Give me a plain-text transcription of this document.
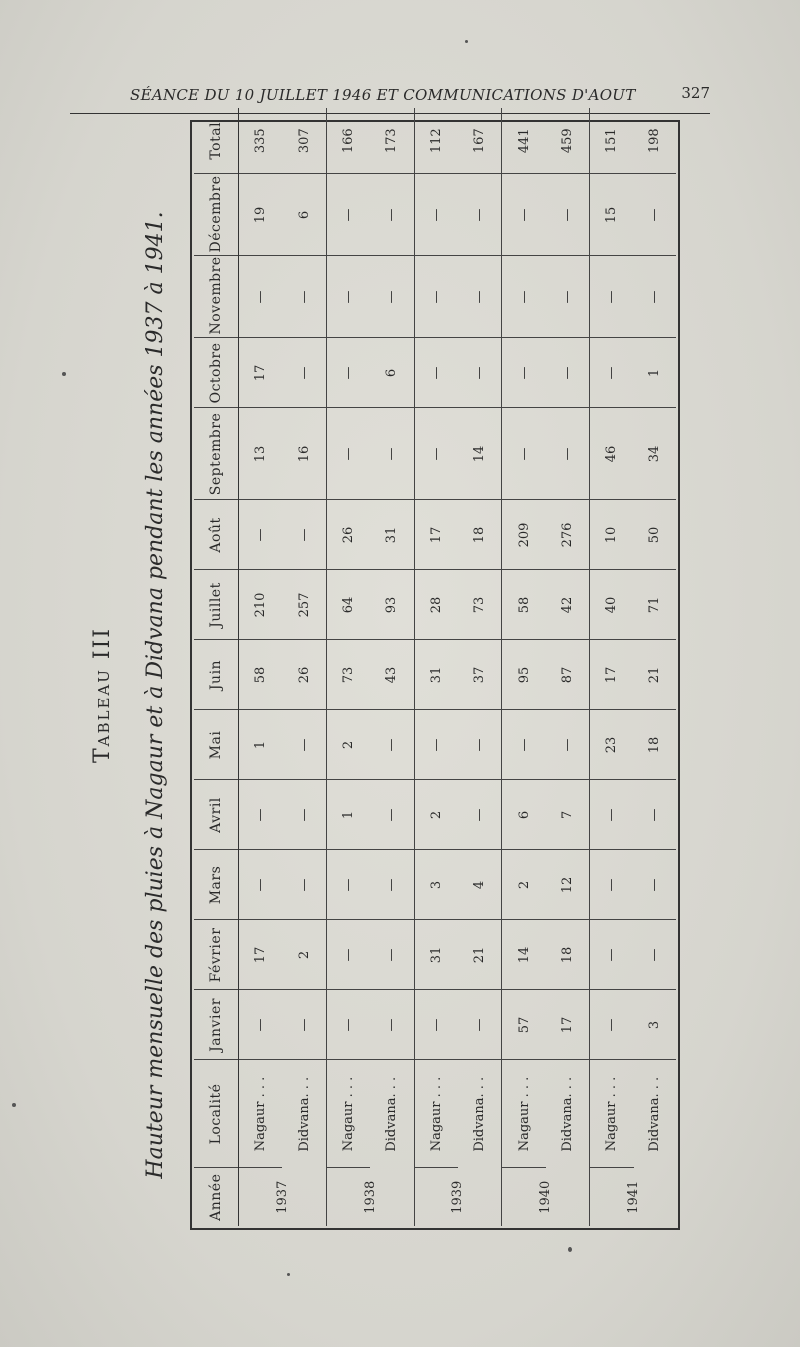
SÉANCE DU 10 JUILLET 1946 ET COMMUNICATIONS D'AOUT	327
Tableau III Hauteur mensuelle des pluies à Nagaur et à Didvana pendant les années 1937 à 1941.
Année	Localité	Janvier	Février	Mars	Avril	Mai	Juin	Juillet	Août	Septembre	Octobre	Novembre	Décembre	Total
1937	Nagaur . . .	—	17	—	—	1	58	210	—	13	17	—	19	335
	Didvana. . .	—	2	—	—	—	26	257	—	16	—	—	6	307
1938	Nagaur . . .	—	—	—	1	2	73	64	26	—	—	—	—	166
	Didvana. . .	—	—	—	—	—	43	93	31	—	6	—	—	173
1939	Nagaur . . .	—	31	3	2	—	31	28	17	—	—	—	—	112
	Didvana. . .	—	21	4	—	—	37	73	18	14	—	—	—	167
1940	Nagaur . . .	57	14	2	6	—	95	58	209	—	—	—	—	441
	Didvana. . .	17	18	12	7	—	87	42	276	—	—	—	—	459
1941	Nagaur . . .	—	—	—	—	23	17	40	10	46	—	—	15	151
	Didvana. . .	3	—	—	—	18	21	71	50	34	1	—	—	198
